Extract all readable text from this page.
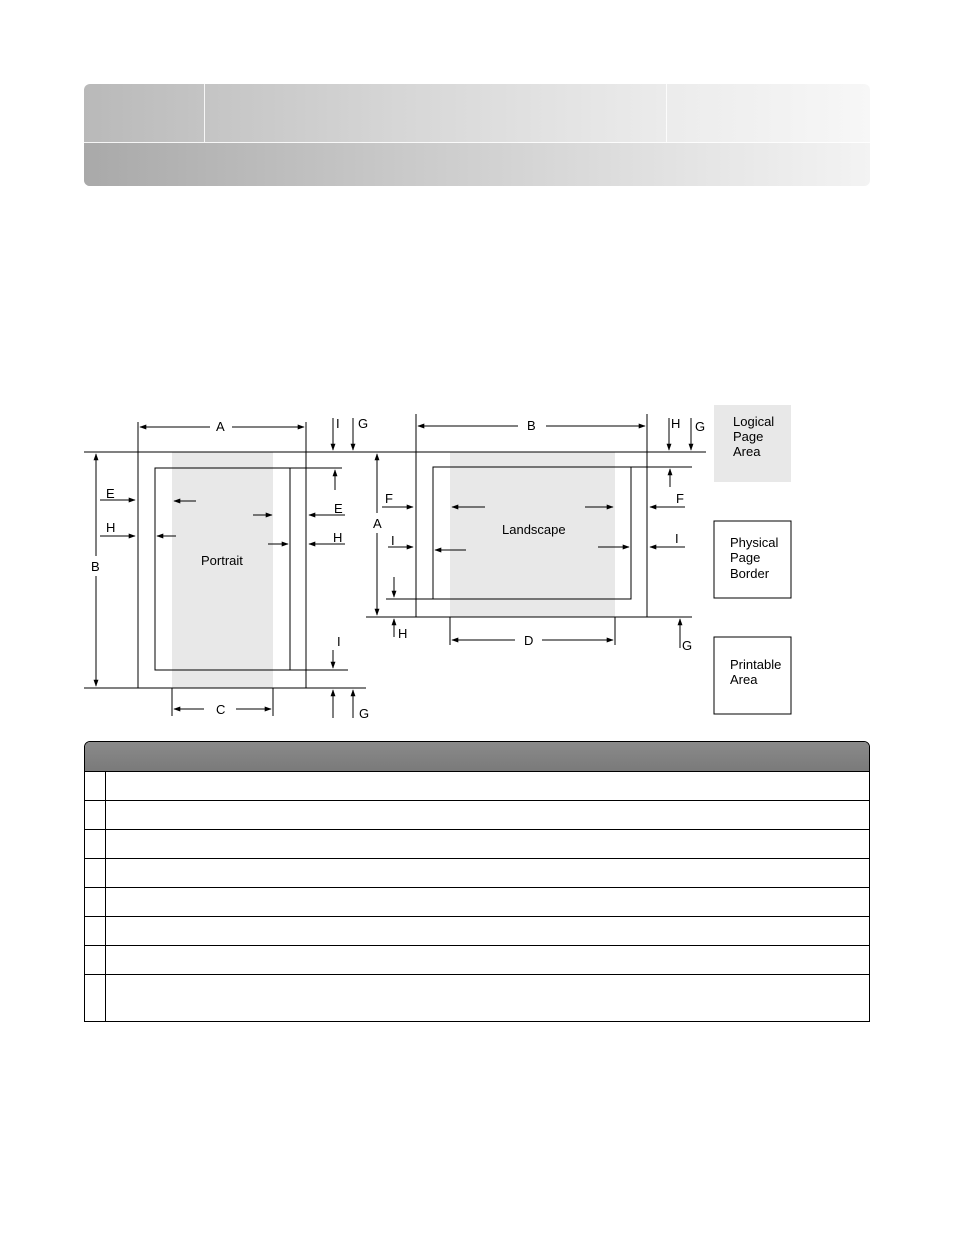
Portrait
A
B
C
E
E
H
H
I G
I
G
Landscape
B
A
D
F	F
I	I
H G
H
G
Logical
Page
Area
Physical
Page
Border
Printable
Area
